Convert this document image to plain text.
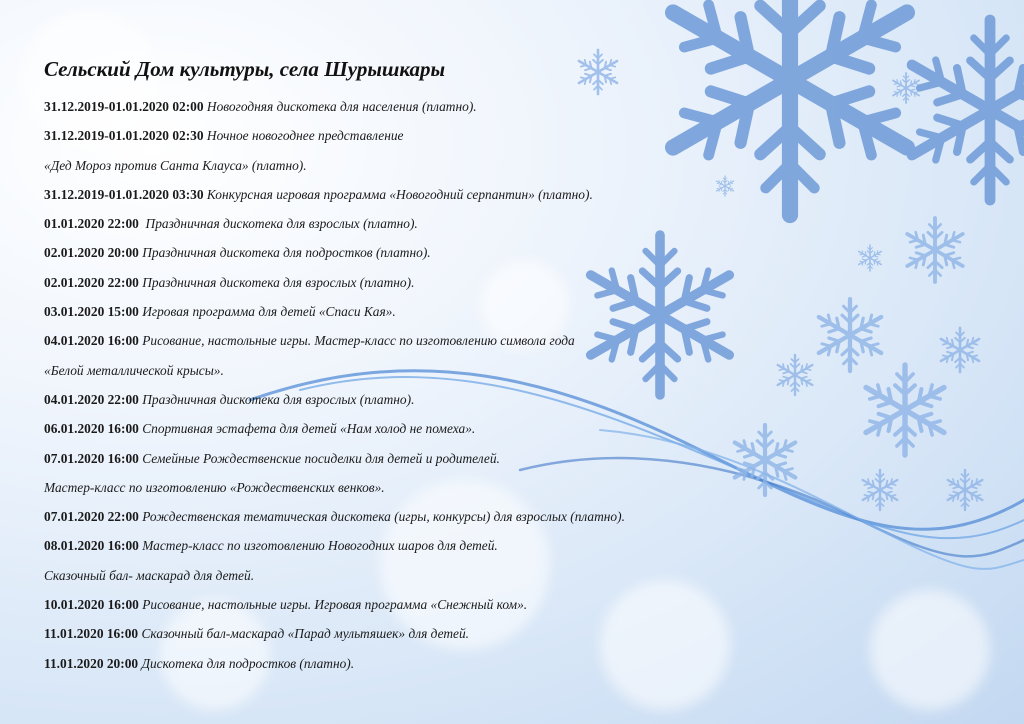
Сельский Дом культуры, села Шурышкары
31.12.2019-01.01.2020 02:00 Новогодняя дискотека для населения (платно).
31.12.2019-01.01.2020 02:30 Ночное новогоднее представление
«Дед Мороз против Санта Клауса» (платно).
31.12.2019-01.01.2020 03:30 Конкурсная игровая программа «Новогодний серпантин» (платно).
01.01.2020 22:00  Праздничная дискотека для взрослых (платно).
02.01.2020 20:00 Праздничная дискотека для подростков (платно).
02.01.2020 22:00 Праздничная дискотека для взрослых (платно).
03.01.2020 15:00 Игровая программа для детей «Спаси Кая».
04.01.2020 16:00 Рисование, настольные игры. Мастер-класс по изготовлению символа года
«Белой металлической крысы».
04.01.2020 22:00 Праздничная дискотека для взрослых (платно).
06.01.2020 16:00 Спортивная эстафета для детей «Нам холод не помеха».
07.01.2020 16:00 Семейные Рождественские посиделки для детей и родителей.
Мастер-класс по изготовлению «Рождественских венков».
07.01.2020 22:00 Рождественская тематическая дискотека (игры, конкурсы) для взрослых (платно).
08.01.2020 16:00 Мастер-класс по изготовлению Новогодних шаров для детей.
Сказочный бал- маскарад для детей.
10.01.2020 16:00 Рисование, настольные игры. Игровая программа «Снежный ком».
11.01.2020 16:00 Сказочный бал-маскарад «Парад мультяшек» для детей.
11.01.2020 20:00 Дискотека для подростков (платно).
